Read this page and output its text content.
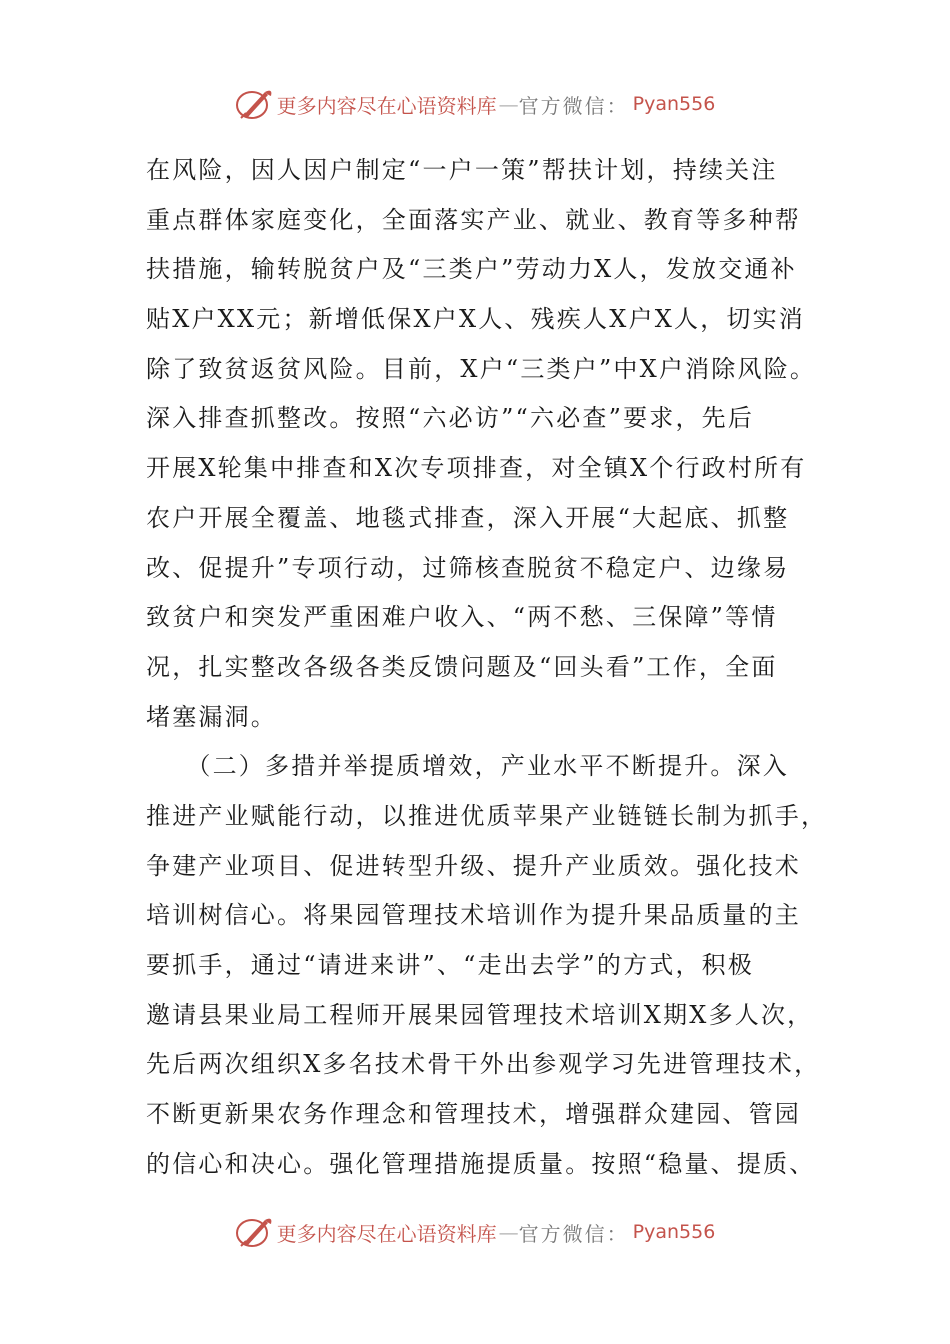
更多内容尽在心语资料库 — 官方微信： Pyan556
在风险，因人因户制定“一户一策”帮扶计划，持续关注
重点群体家庭变化，全面落实产业、就业、教育等多种帮
扶措施，输转脱贫户及“三类户”劳动力X人，发放交通补
贴X户XX元；新增低保X户X人、残疾人X户X人，切实消
除了致贫返贫风险。目前，X户“三类户”中X户消除风险。
深入排查抓整改。按照“六必访”“六必查”要求，先后
开展X轮集中排查和X次专项排查，对全镇X个行政村所有
农户开展全覆盖、地毯式排查，深入开展“大起底、抓整
改、促提升”专项行动，过筛核查脱贫不稳定户、边缘易
致贫户和突发严重困难户收入、“两不愁、三保障”等情
况，扎实整改各级各类反馈问题及“回头看”工作，全面
堵塞漏洞。
　　（二）多措并举提质增效，产业水平不断提升。深入
推进产业赋能行动，以推进优质苹果产业链链长制为抓手，
争建产业项目、促进转型升级、提升产业质效。强化技术
培训树信心。将果园管理技术培训作为提升果品质量的主
要抓手，通过“请进来讲”、“走出去学”的方式，积极
邀请县果业局工程师开展果园管理技术培训X期X多人次，
先后两次组织X多名技术骨干外出参观学习先进管理技术，
不断更新果农务作理念和管理技术，增强群众建园、管园
的信心和决心。强化管理措施提质量。按照“稳量、提质、
更多内容尽在心语资料库 — 官方微信： Pyan556
